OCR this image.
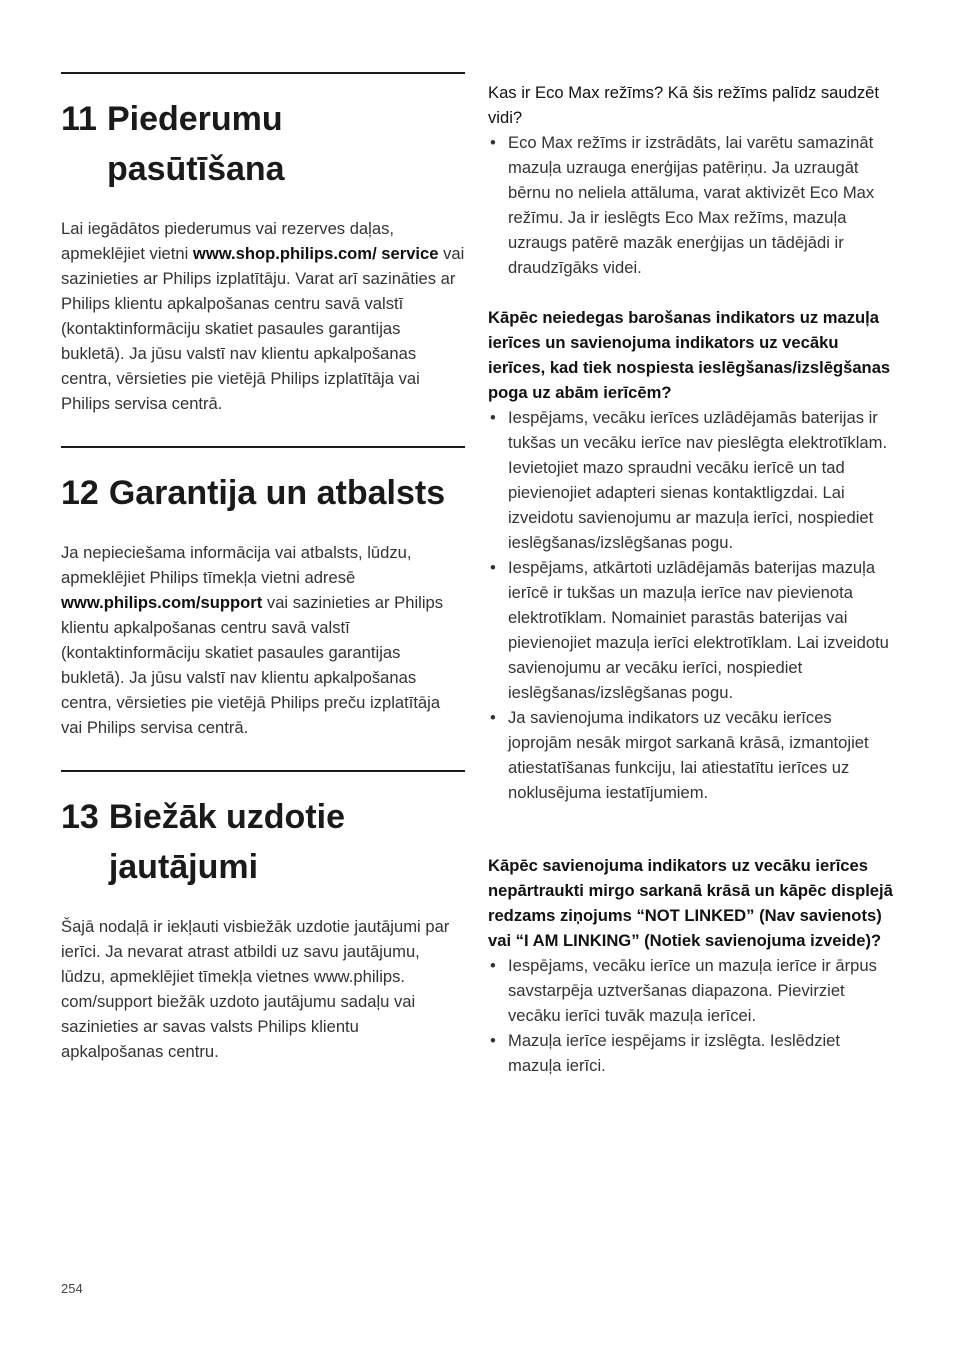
11 Piederumu pasūtīšana
Lai iegādātos piederumus vai rezerves daļas, apmeklējiet vietni www.shop.philips.com/ service vai sazinieties ar Philips izplatītāju. Varat arī sazināties ar Philips klientu apkalpošanas centru savā valstī (kontaktinformāciju skatiet pasaules garantijas bukletā). Ja jūsu valstī nav klientu apkalpošanas centra, vērsieties pie vietējā Philips izplatītāja vai Philips servisa centrā.
12 Garantija un atbalsts
Ja nepieciešama informācija vai atbalsts, lūdzu, apmeklējiet Philips tīmekļa vietni adresē www.philips.com/support vai sazinieties ar Philips klientu apkalpošanas centru savā valstī (kontaktinformāciju skatiet pasaules garantijas bukletā). Ja jūsu valstī nav klientu apkalpošanas centra, vērsieties pie vietējā Philips preču izplatītāja vai Philips servisa centrā.
13 Biežāk uzdotie jautājumi
Šajā nodaļā ir iekļauti visbiežāk uzdotie jautājumi par ierīci. Ja nevarat atrast atbildi uz savu jautājumu, lūdzu, apmeklējiet tīmekļa vietnes www.philips. com/support biežāk uzdoto jautājumu sadaļu vai sazinieties ar savas valsts Philips klientu apkalpošanas centru.
Kas ir Eco Max režīms? Kā šis režīms palīdz saudzēt vidi?
• Eco Max režīms ir izstrādāts, lai varētu samazināt mazuļa uzrauga enerģijas patēriņu. Ja uzraugāt bērnu no neliela attāluma, varat aktivizēt Eco Max režīmu. Ja ir ieslēgts Eco Max režīms, mazuļa uzraugs patērē mazāk enerģijas un tādējādi ir draudzīgāks videi.
Kāpēc neiedegas barošanas indikators uz mazuļa ierīces un savienojuma indikators uz vecāku ierīces, kad tiek nospiesta ieslēgšanas/izslēgšanas poga uz abām ierīcēm?
• Iespējams, vecāku ierīces uzlādējamās baterijas ir tukšas un vecāku ierīce nav pieslēgta elektrotīklam. Ievietojiet mazo spraudni vecāku ierīcē un tad pievienojiet adapteri sienas kontaktligzdai. Lai izveidotu savienojumu ar mazuļa ierīci, nospiediet ieslēgšanas/izslēgšanas pogu.
• Iespējams, atkārtoti uzlādējamās baterijas mazuļa ierīcē ir tukšas un mazuļa ierīce nav pievienota elektrotīklam. Nomainiet parastās baterijas vai pievienojiet mazuļa ierīci elektrotīklam. Lai izveidotu savienojumu ar vecāku ierīci, nospiediet ieslēgšanas/izslēgšanas pogu.
• Ja savienojuma indikators uz vecāku ierīces joprojām nesāk mirgot sarkanā krāsā, izmantojiet atiestatīšanas funkciju, lai atiestatītu ierīces uz noklusējuma iestatījumiem.
Kāpēc savienojuma indikators uz vecāku ierīces nepārtraukti mirgo sarkanā krāsā un kāpēc displejā redzams ziņojums “NOT LINKED” (Nav savienots) vai “I AM LINKING” (Notiek savienojuma izveide)?
• Iespējams, vecāku ierīce un mazuļa ierīce ir ārpus savstarpēja uztveršanas diapazona. Pievirziet vecāku ierīci tuvāk mazuļa ierīcei.
• Mazuļa ierīce iespējams ir izslēgta. Ieslēdziet mazuļa ierīci.
254
